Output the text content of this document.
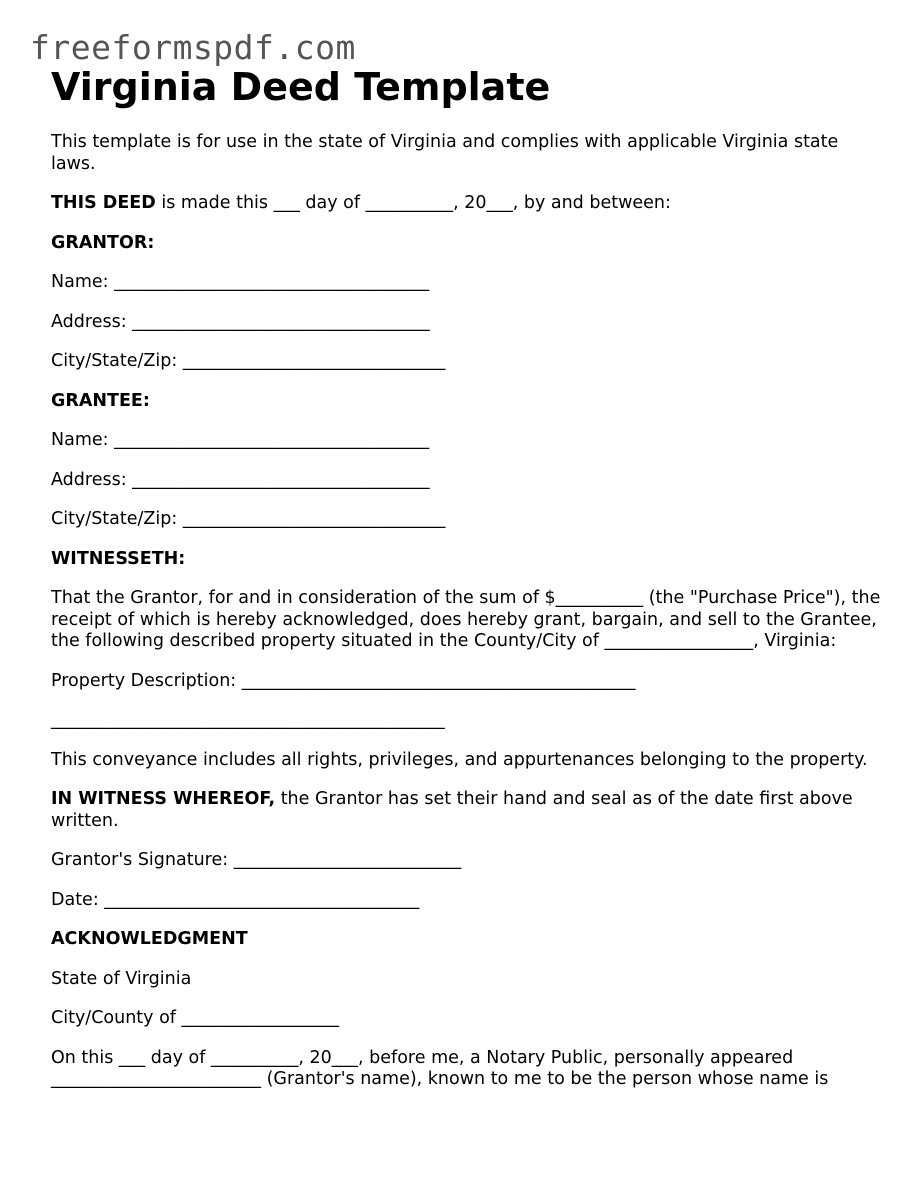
freeformspdf.com
Virginia Deed Template

This template is for use in the state of Virginia and complies with applicable Virginia state laws.

THIS DEED is made this ___ day of __________, 20___, by and between:

GRANTOR:

Name: ____________________________________

Address: __________________________________

City/State/Zip: ______________________________

GRANTEE:

Name: ____________________________________

Address: __________________________________

City/State/Zip: ______________________________

WITNESSETH:

That the Grantor, for and in consideration of the sum of $__________ (the "Purchase Price"), the receipt of which is hereby acknowledged, does hereby grant, bargain, and sell to the Grantee, the following described property situated in the County/City of _________________, Virginia:

Property Description: _____________________________________________

_____________________________________________

This conveyance includes all rights, privileges, and appurtenances belonging to the property.

IN WITNESS WHEREOF, the Grantor has set their hand and seal as of the date first above written.

Grantor's Signature: __________________________

Date: ____________________________________

ACKNOWLEDGMENT

State of Virginia

City/County of __________________

On this ___ day of __________, 20___, before me, a Notary Public, personally appeared ________________________ (Grantor's name), known to me to be the person whose name is
